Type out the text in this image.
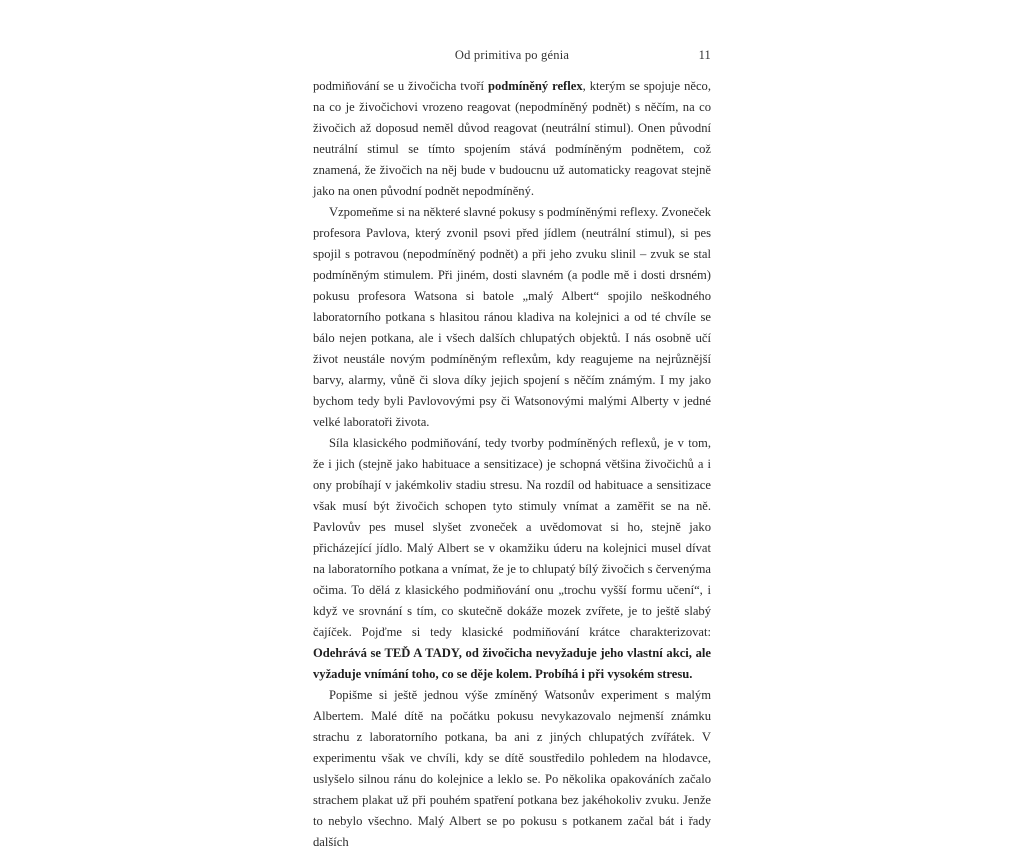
Od primitiva po génia	11

podmiňování se u živočicha tvoří podmíněný reflex, kterým se spojuje něco, na co je živočichovi vrozeno reagovat (nepodmíněný podnět) s něčím, na co živočich až doposud neměl důvod reagovat (neutrální stimul). Onen původní neutrální stimul se tímto spojením stává podmíněným podnětem, což znamená, že živočich na něj bude v budoucnu už automaticky reagovat stejně jako na onen původní podnět nepodmíněný.

Vzpomeňme si na některé slavné pokusy s podmíněnými reflexy. Zvoneček profesora Pavlova, který zvonil psovi před jídlem (neutrální stimul), si pes spojil s potravou (nepodmíněný podnět) a při jeho zvuku slinil – zvuk se stal podmíněným stimulem. Při jiném, dosti slavném (a podle mě i dosti drsném) pokusu profesora Watsona si batole „malý Albert“ spojilo neškodného laboratorního potkana s hlasitou ránou kladiva na kolejnici a od té chvíle se bálo nejen potkana, ale i všech dalších chlupatých objektů. I nás osobně učí život neustále novým podmíněným reflexům, kdy reagujeme na nejrůznější barvy, alarmy, vůně či slova díky jejich spojení s něčím známým. I my jako bychom tedy byli Pavlovovými psy či Watsonovými malými Alberty v jedné velké laboratoři života.

Síla klasického podmiňování, tedy tvorby podmíněných reflexů, je v tom, že i jich (stejně jako habituace a sensitizace) je schopná většina živočichů a i ony probíhají v jakémkoliv stadiu stresu. Na rozdíl od habituace a sensitizace však musí být živočich schopen tyto stimuly vnímat a zaměřit se na ně. Pavlovův pes musel slyšet zvoneček a uvědomovat si ho, stejně jako přicházející jídlo. Malý Albert se v okamžiku úderu na kolejnici musel dívat na laboratorního potkana a vnímat, že je to chlupatý bílý živočich s červenýma očima. To dělá z klasického podmiňování onu „trochu vyšší formu učení“, i když ve srovnání s tím, co skutečně dokáže mozek zvířete, je to ještě slabý čajíček. Pojďme si tedy klasické podmiňování krátce charakterizovat: Odehrává se TEĎ A TADY, od živočicha nevyžaduje jeho vlastní akci, ale vyžaduje vnímání toho, co se děje kolem. Probíhá i při vysokém stresu.

Popišme si ještě jednou výše zmíněný Watsonův experiment s malým Albertem. Malé dítě na počátku pokusu nevykazovalo nejmenší známku strachu z laboratorního potkana, ba ani z jiných chlupatých zvířátek. V experimentu však ve chvíli, kdy se dítě soustředilo pohledem na hlodavce, uslyšelo silnou ránu do kolejnice a leklo se. Po několika opakováních začalo strachem plakat už při pouhém spatření potkana bez jakéhokoliv zvuku. Jenže to nebylo všechno. Malý Albert se po pokusu s potkanem začal bát i řady dalších
